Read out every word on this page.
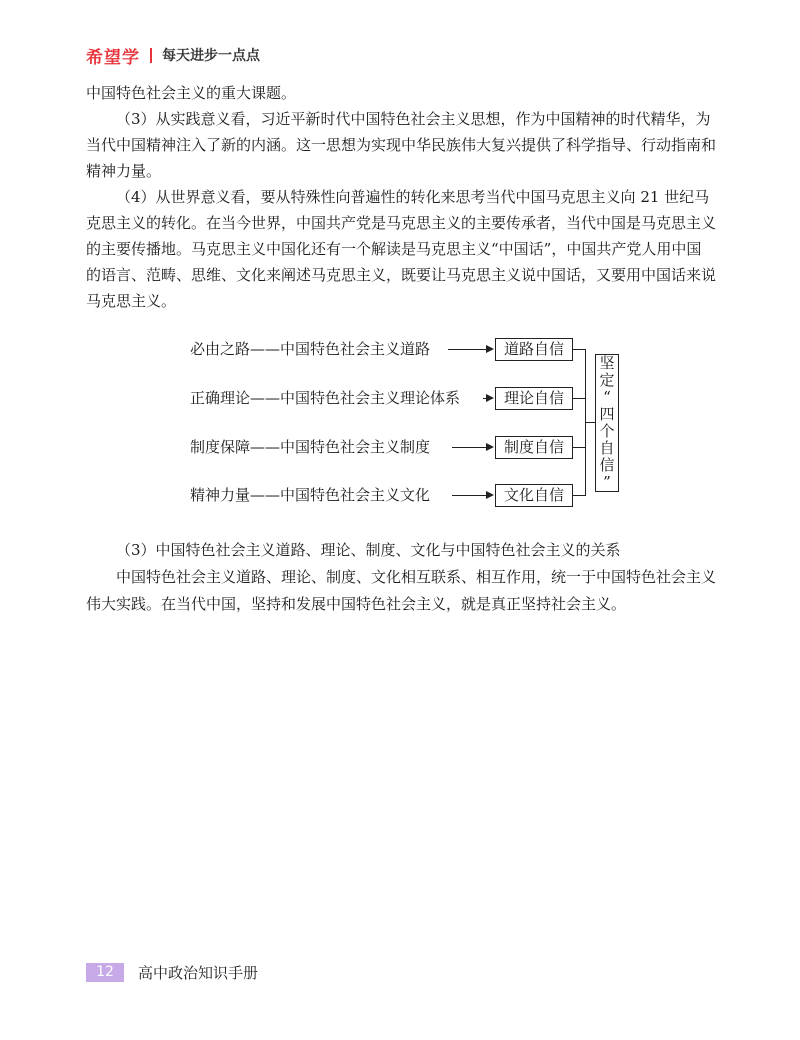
希望学 每天进步一点点

中国特色社会主义的重大课题。

（3）从实践意义看，习近平新时代中国特色社会主义思想，作为中国精神的时代精华，为当代中国精神注入了新的内涵。这一思想为实现中华民族伟大复兴提供了科学指导、行动指南和精神力量。

（4）从世界意义看，要从特殊性向普遍性的转化来思考当代中国马克思主义向 21 世纪马克思主义的转化。在当今世界，中国共产党是马克思主义的主要传承者，当代中国是马克思主义的主要传播地。马克思主义中国化还有一个解读是马克思主义“中国话”，中国共产党人用中国的语言、范畴、思维、文化来阐述马克思主义，既要让马克思主义说中国话，又要用中国话来说马克思主义。

必由之路——中国特色社会主义道路	道路自信
正确理论——中国特色社会主义理论体系	理论自信
制度保障——中国特色社会主义制度	制度自信
精神力量——中国特色社会主义文化	文化自信
坚
定
“
四
个
自
信
”

（3）中国特色社会主义道路、理论、制度、文化与中国特色社会主义的关系

中国特色社会主义道路、理论、制度、文化相互联系、相互作用，统一于中国特色社会主义伟大实践。在当代中国，坚持和发展中国特色社会主义，就是真正坚持社会主义。

12	高中政治知识手册
